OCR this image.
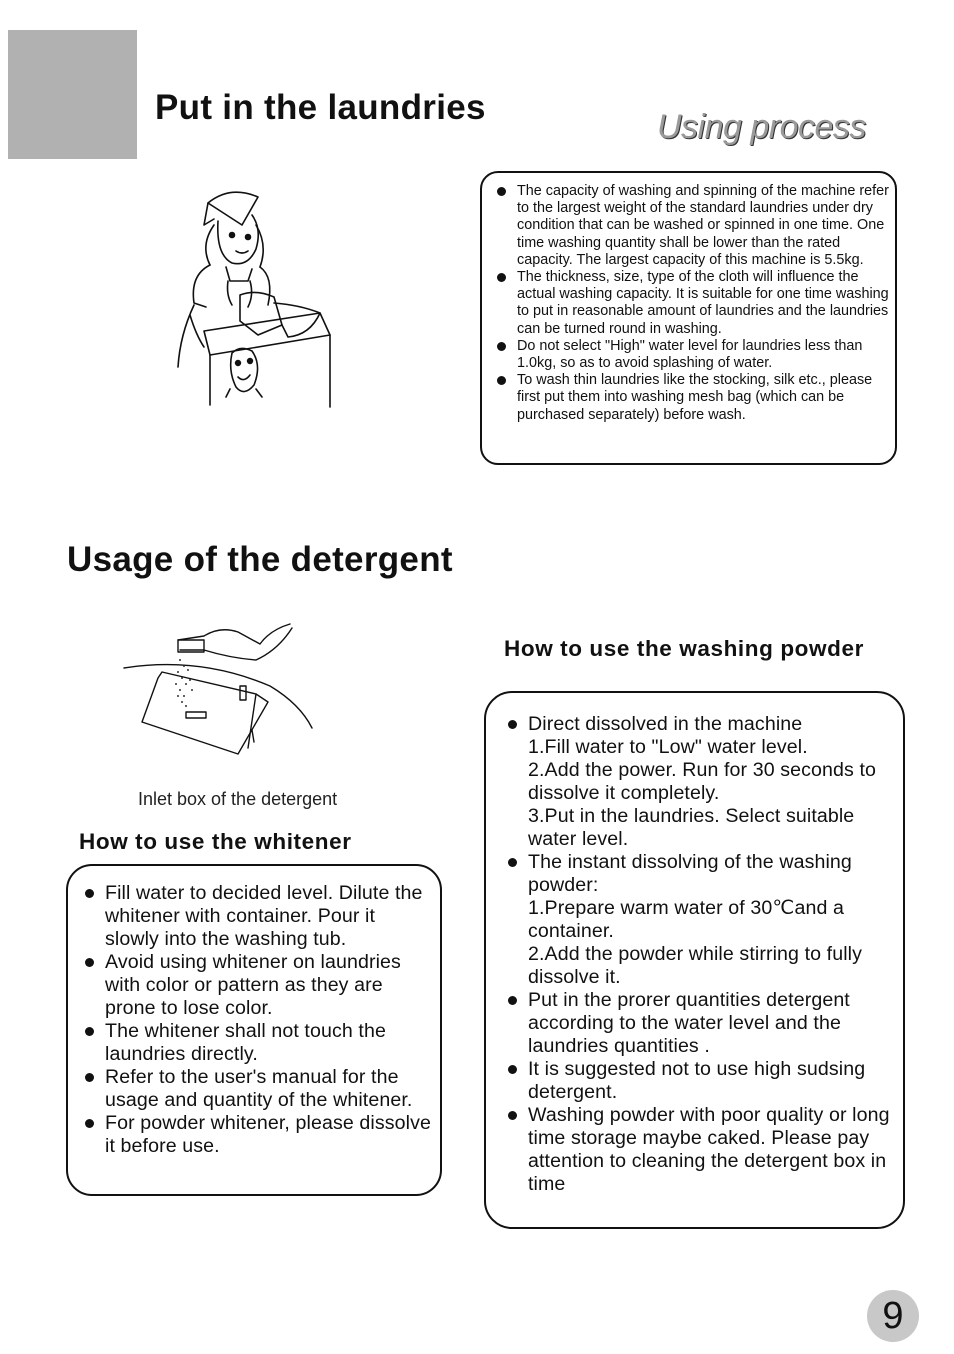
Put in the laundries	Using process
The capacity of washing and spinning of the machine refer to the largest weight of the standard laundries under dry condition that can be washed or spinned in one time. One time washing quantity shall be lower than the rated capacity. The largest capacity of this machine is 5.5kg.
The thickness, size, type of the cloth will influence the actual washing capacity. It is suitable for one time washing to put in reasonable amount of laundries and the laundries can be turned round in washing.
Do not select "High" water level for laundries less than 1.0kg, so as to avoid splashing of water.
To wash thin laundries like the stocking, silk etc., please first put them into washing mesh bag (which can be purchased separately) before wash.
Usage of the detergent
Inlet box of the detergent
How to use the whitener
Fill water to decided level. Dilute the whitener with container. Pour it slowly into the washing tub.
Avoid using whitener on laundries with color or pattern as they are prone to lose color.
The whitener shall not touch the laundries directly.
Refer to the user's manual for the usage and quantity of the whitener.
For powder whitener, please dissolve it before use.
How to use the washing powder
Direct dissolved in the machine
1.Fill water to "Low" water level.
2.Add the power. Run for 30 seconds to dissolve it completely.
3.Put in the laundries. Select suitable water level.
The instant dissolving of the washing powder:
1.Prepare warm water of 30℃and a container.
2.Add the powder while stirring to fully dissolve it.
Put in the prorer quantities detergent according to the water level and the laundries quantities .
It is suggested not to use high sudsing detergent.
Washing powder with poor quality or long time storage maybe caked. Please pay attention to cleaning the detergent box in time
9
